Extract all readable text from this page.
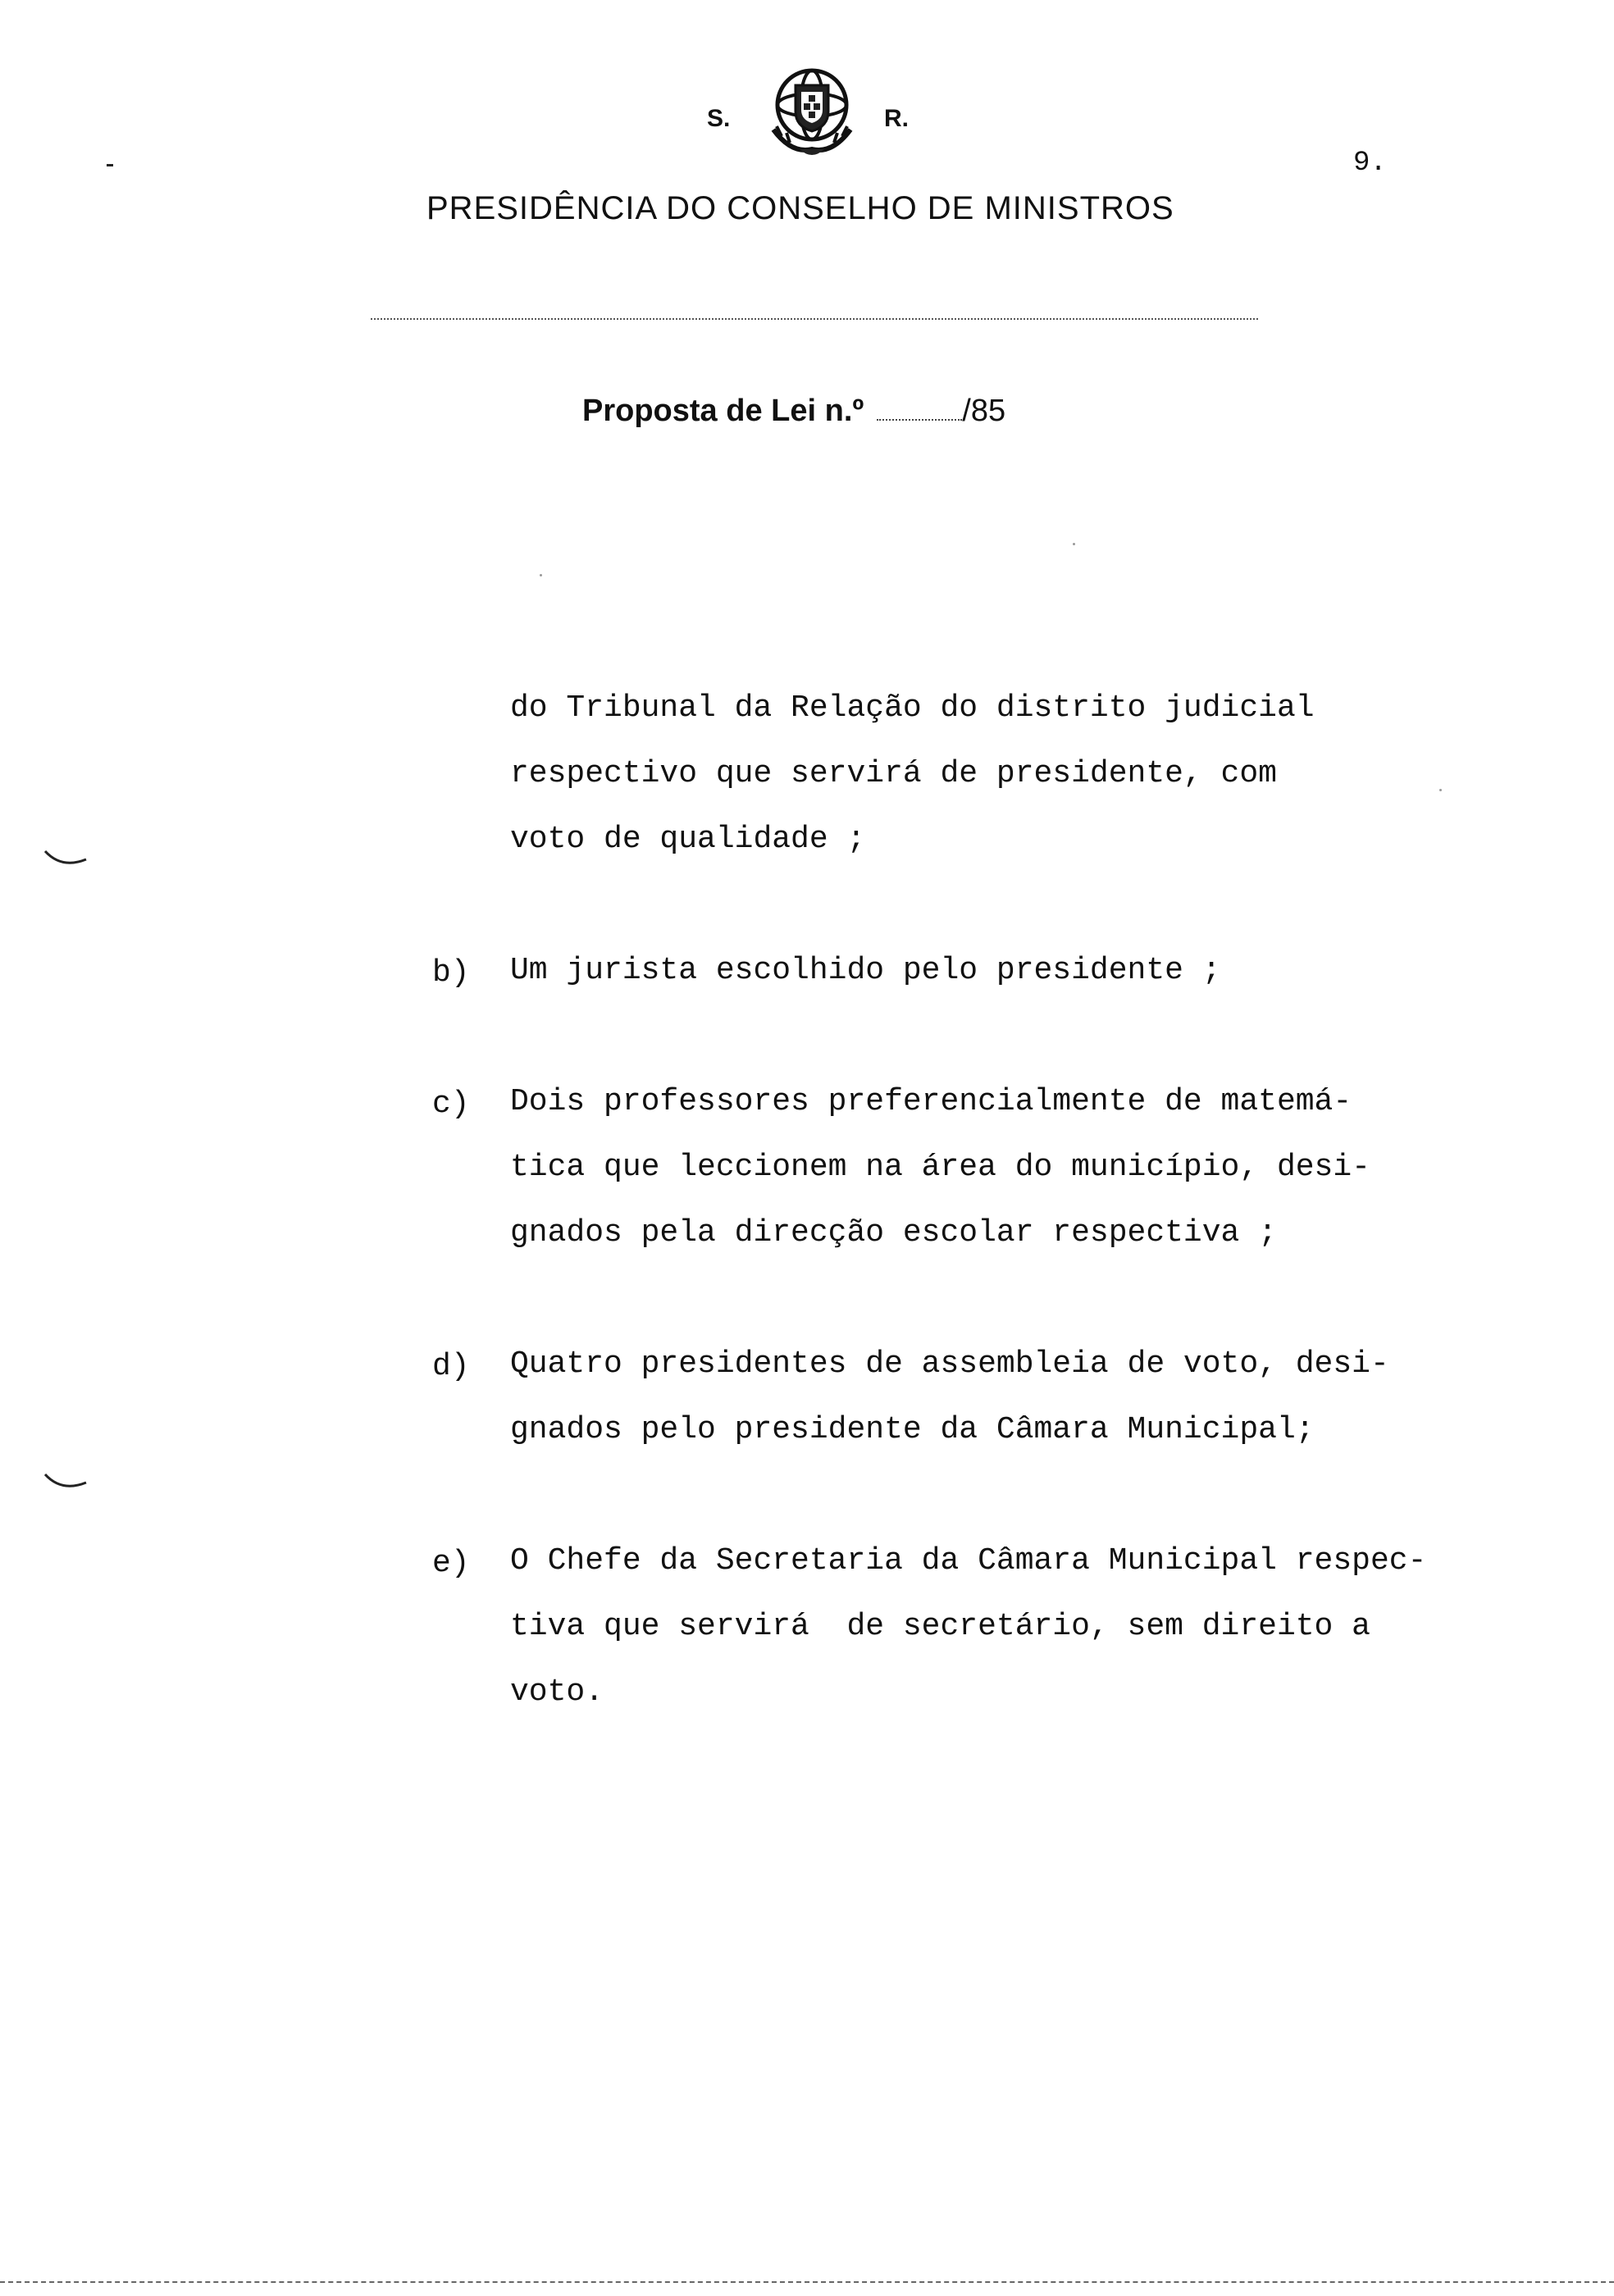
S.	R.
9.
PRESIDÊNCIA DO CONSELHO DE MINISTROS
Proposta de Lei n.º	/85
do Tribunal da Relação do distrito judicial
respectivo que servirá de presidente, com
voto de qualidade ;
b) Um jurista escolhido pelo presidente ;
c) Dois professores preferencialmente de matemá-
tica que leccionem na área do município, desi-
gnados pela direcção escolar respectiva ;
d) Quatro presidentes de assembleia de voto, desi-
gnados pelo presidente da Câmara Municipal;
e) O Chefe da Secretaria da Câmara Municipal respec-
tiva que servirá  de secretário, sem direito a
voto.
